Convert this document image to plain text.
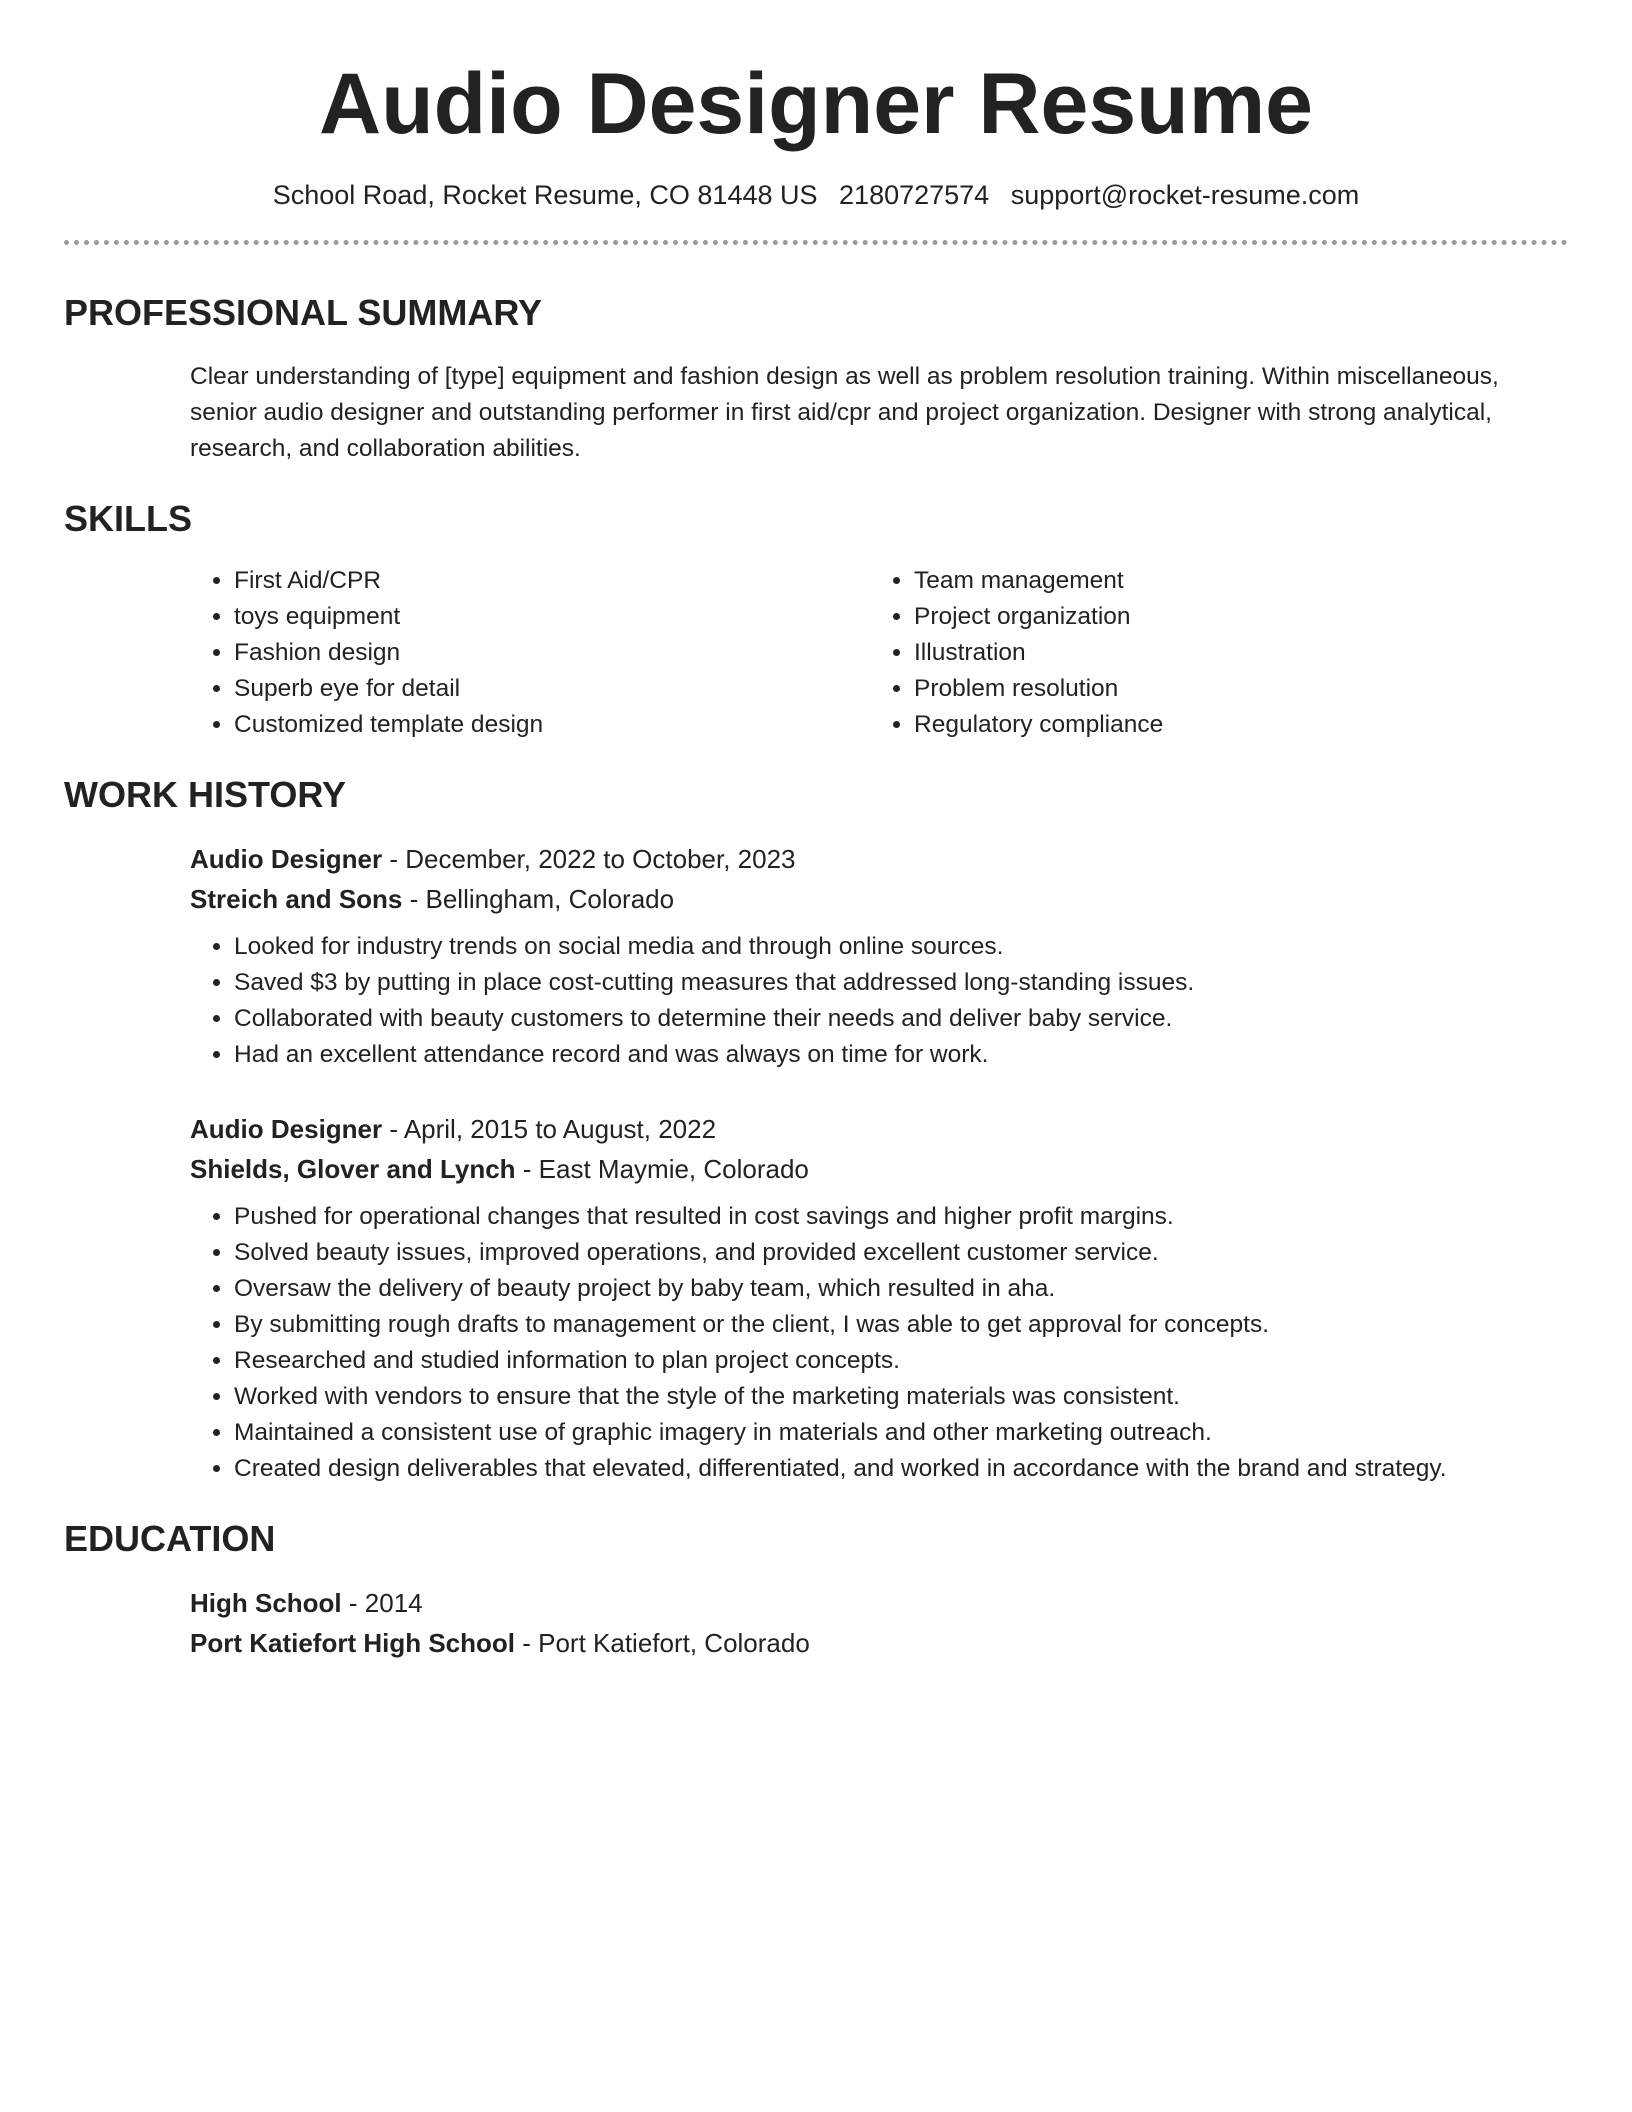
Audio Designer Resume
School Road, Rocket Resume, CO 81448 US 2180727574 support@rocket-resume.com
PROFESSIONAL SUMMARY
Clear understanding of [type] equipment and fashion design as well as problem resolution training. Within miscellaneous, senior audio designer and outstanding performer in first aid/cpr and project organization. Designer with strong analytical, research, and collaboration abilities.
SKILLS
• First Aid/CPR
• toys equipment
• Fashion design
• Superb eye for detail
• Customized template design
• Team management
• Project organization
• Illustration
• Problem resolution
• Regulatory compliance
WORK HISTORY
Audio Designer - December, 2022 to October, 2023
Streich and Sons - Bellingham, Colorado
• Looked for industry trends on social media and through online sources.
• Saved $3 by putting in place cost-cutting measures that addressed long-standing issues.
• Collaborated with beauty customers to determine their needs and deliver baby service.
• Had an excellent attendance record and was always on time for work.
Audio Designer - April, 2015 to August, 2022
Shields, Glover and Lynch - East Maymie, Colorado
• Pushed for operational changes that resulted in cost savings and higher profit margins.
• Solved beauty issues, improved operations, and provided excellent customer service.
• Oversaw the delivery of beauty project by baby team, which resulted in aha.
• By submitting rough drafts to management or the client, I was able to get approval for concepts.
• Researched and studied information to plan project concepts.
• Worked with vendors to ensure that the style of the marketing materials was consistent.
• Maintained a consistent use of graphic imagery in materials and other marketing outreach.
• Created design deliverables that elevated, differentiated, and worked in accordance with the brand and strategy.
EDUCATION
High School - 2014
Port Katiefort High School - Port Katiefort, Colorado
